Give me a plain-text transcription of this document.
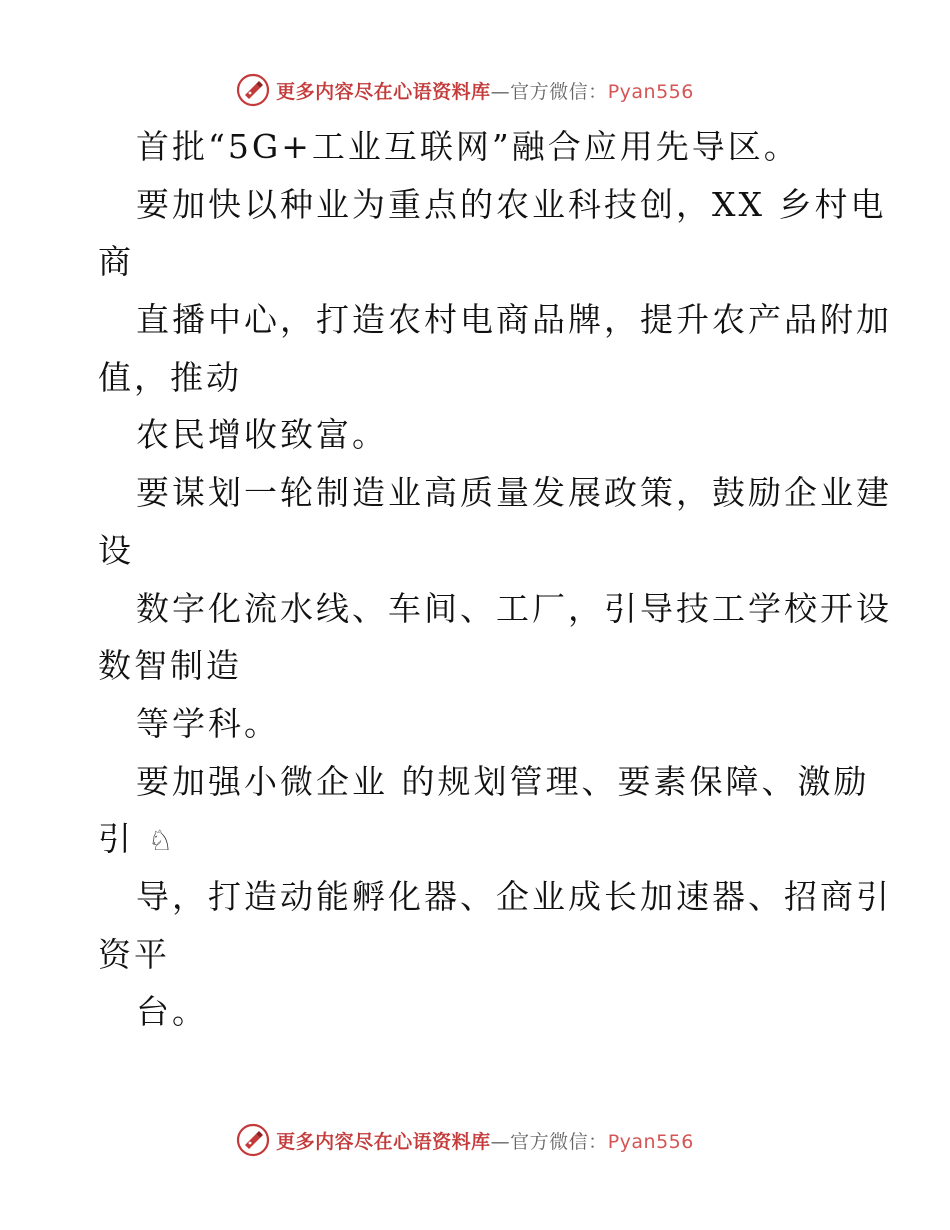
更多内容尽在心语资料库—官方微信：Pyan556
首批“5G+工业互联网”融合应用先导区。
要加快以种业为重点的农业科技创，XX 乡村电
商
直播中心，打造农村电商品牌，提升农产品附加
值，推动
农民增收致富。
要谋划一轮制造业高质量发展政策，鼓励企业建
设
数字化流水线、车间、工厂，引导技工学校开设
数智制造
等学科。
要加强小微企业 的规划管理、要素保障、激励
引 ♘
导，打造动能孵化器、企业成长加速器、招商引
资平
台。
更多内容尽在心语资料库—官方微信：Pyan556
